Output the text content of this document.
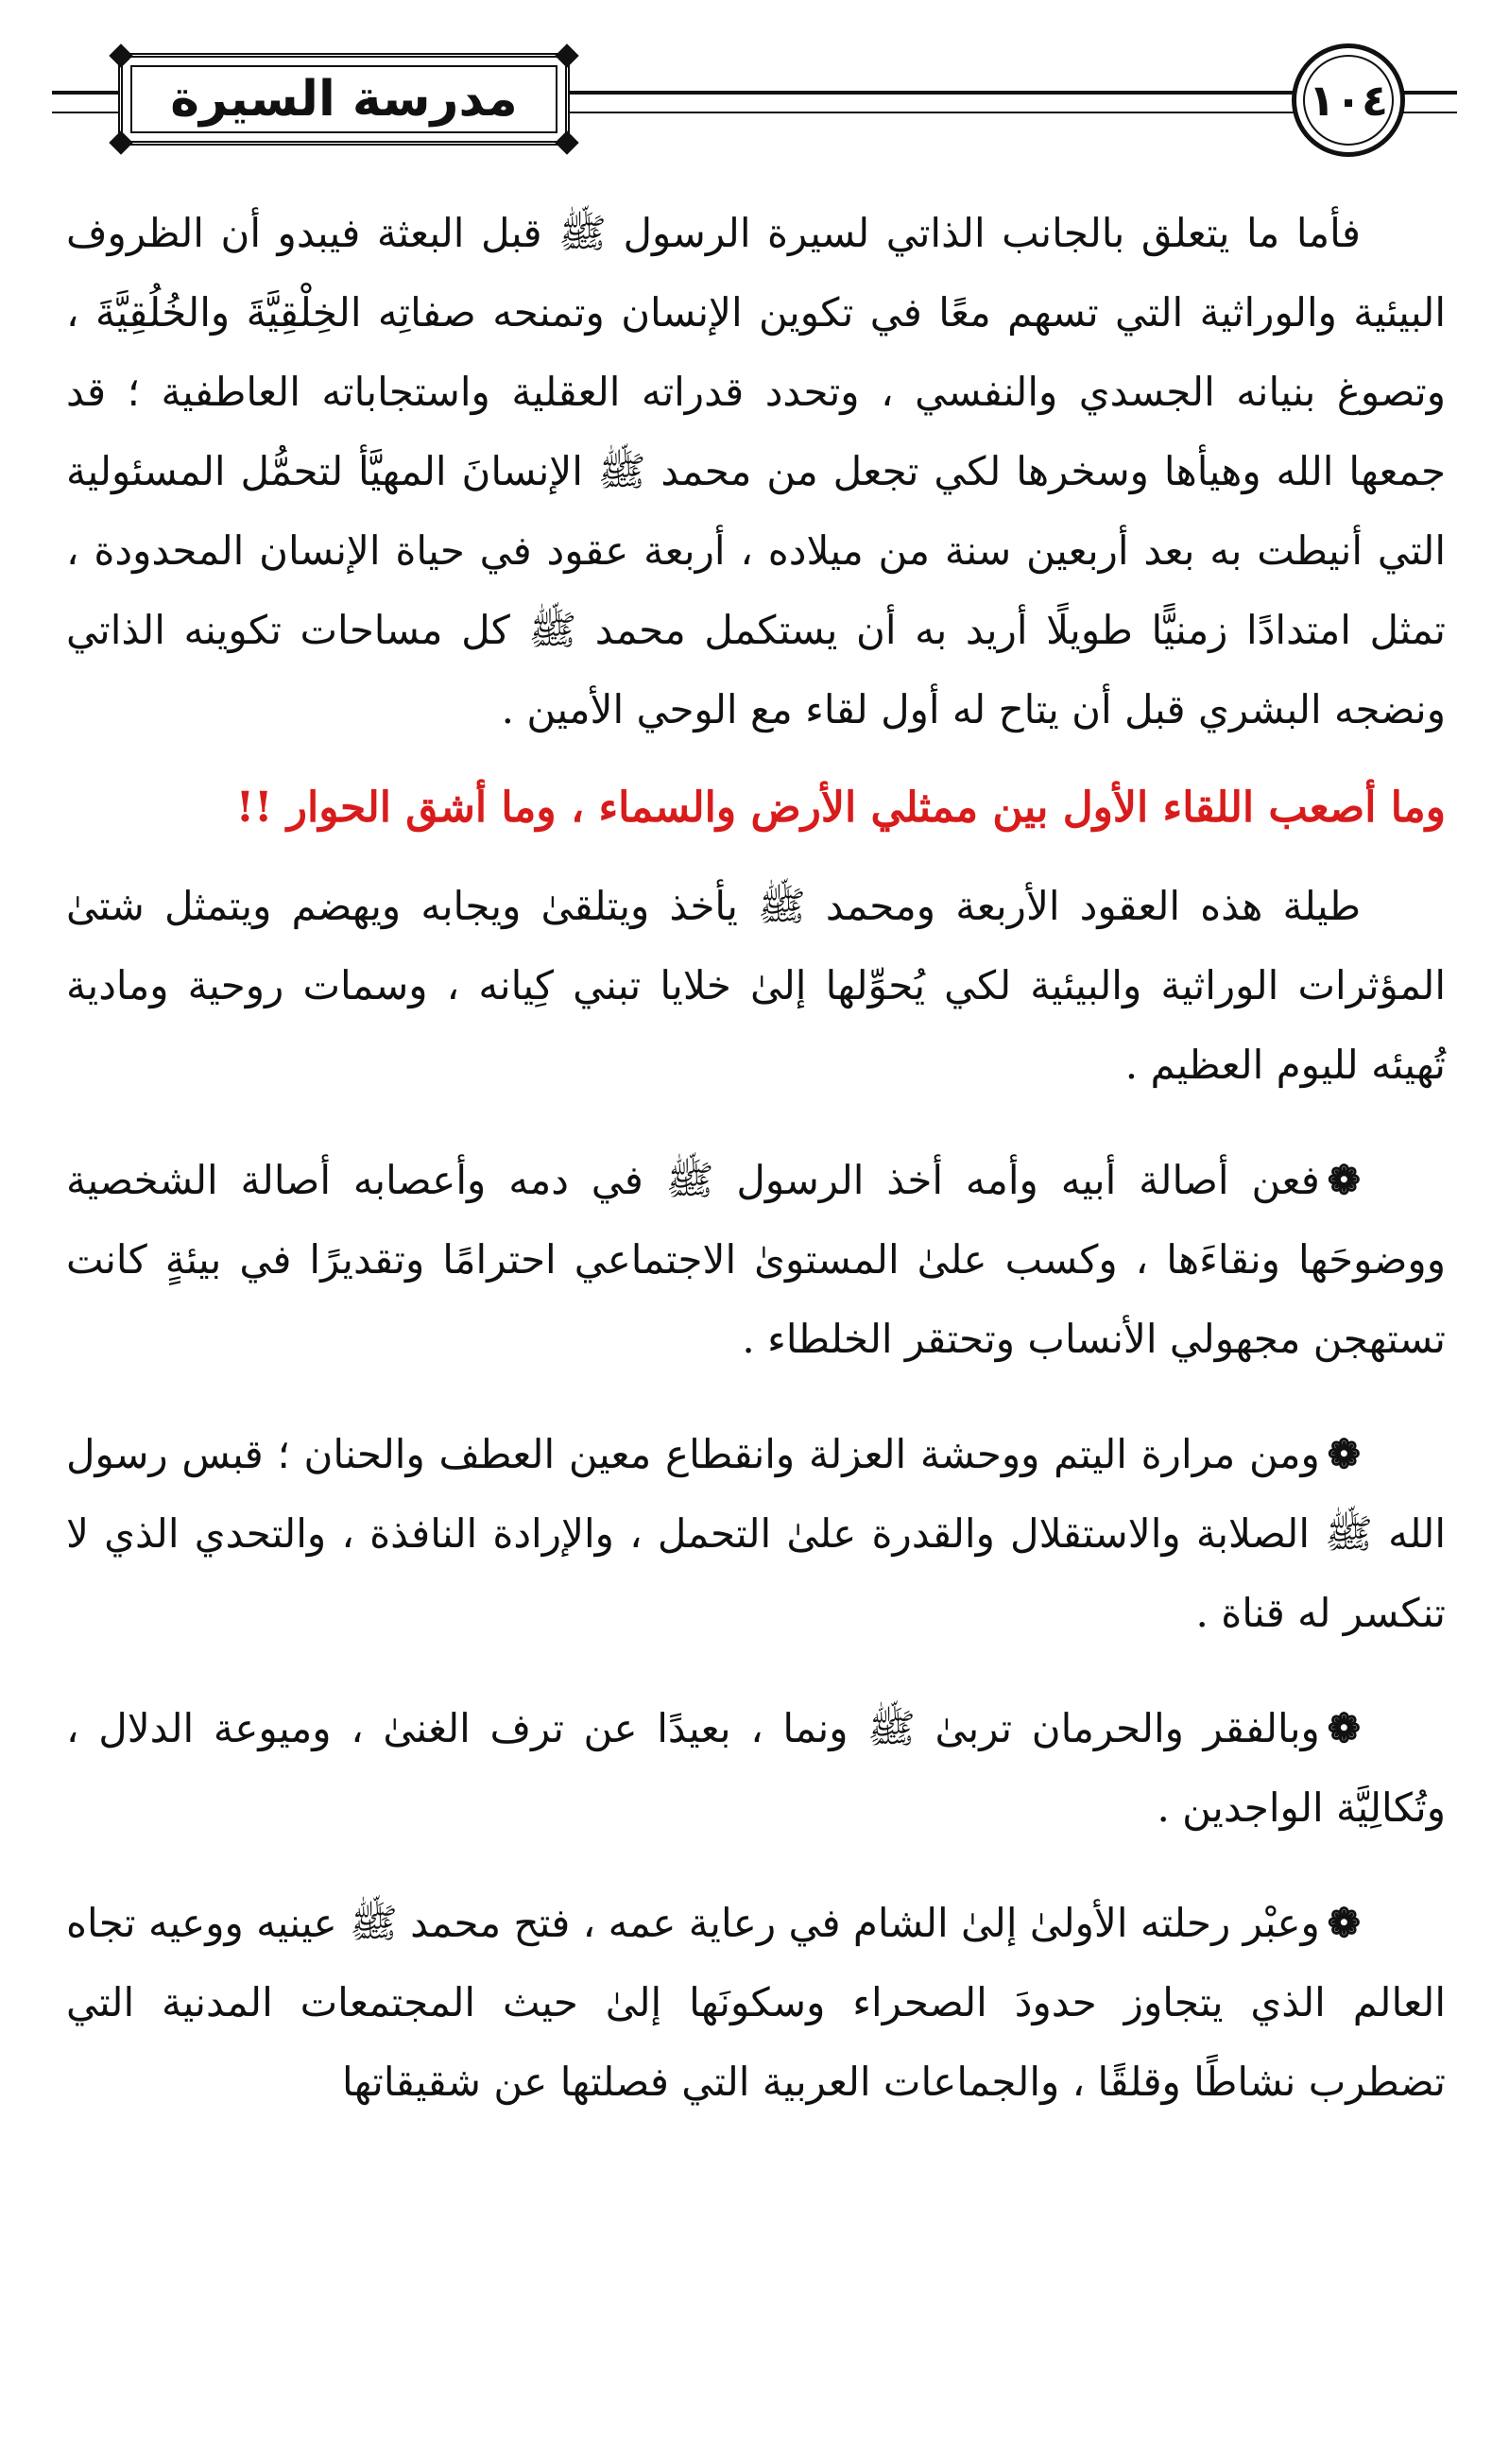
مدرسة السيرة	١٠٤

فأما ما يتعلق بالجانب الذاتي لسيرة الرسول ﷺ قبل البعثة فيبدو أن الظروف البيئية والوراثية التي تسهم معًا في تكوين الإنسان وتمنحه صفاتِه الخِلْقِيَّةَ والخُلُقِيَّةَ ، وتصوغ بنيانه الجسدي والنفسي ، وتحدد قدراته العقلية واستجاباته العاطفية ؛ قد جمعها الله وهيأها وسخرها لكي تجعل من محمد ﷺ الإنسانَ المهيَّأ لتحمُّل المسئولية التي أنيطت به بعد أربعين سنة من ميلاده ، أربعة عقود في حياة الإنسان المحدودة ، تمثل امتدادًا زمنيًّا طويلًا أريد به أن يستكمل محمد ﷺ كل مساحات تكوينه الذاتي ونضجه البشري قبل أن يتاح له أول لقاء مع الوحي الأمين .

وما أصعب اللقاء الأول بين ممثلي الأرض والسماء ، وما أشق الحوار !!

طيلة هذه العقود الأربعة ومحمد ﷺ يأخذ ويتلقىٰ ويجابه ويهضم ويتمثل شتىٰ المؤثرات الوراثية والبيئية لكي يُحوِّلها إلىٰ خلايا تبني كِيانه ، وسمات روحية ومادية تُهيئه لليوم العظيم .

❁فعن أصالة أبيه وأمه أخذ الرسول ﷺ في دمه وأعصابه أصالة الشخصية ووضوحَها ونقاءَها ، وكسب علىٰ المستوىٰ الاجتماعي احترامًا وتقديرًا في بيئةٍ كانت تستهجن مجهولي الأنساب وتحتقر الخلطاء .

❁ومن مرارة اليتم ووحشة العزلة وانقطاع معين العطف والحنان ؛ قبس رسول الله ﷺ الصلابة والاستقلال والقدرة علىٰ التحمل ، والإرادة النافذة ، والتحدي الذي لا تنكسر له قناة .

❁وبالفقر والحرمان تربىٰ ﷺ ونما ، بعيدًا عن ترف الغنىٰ ، وميوعة الدلال ، وتُكالِيَّة الواجدين .

❁وعبْر رحلته الأولىٰ إلىٰ الشام في رعاية عمه ، فتح محمد ﷺ عينيه ووعيه تجاه العالم الذي يتجاوز حدودَ الصحراء وسكونَها إلىٰ حيث المجتمعات المدنية التي تضطرب نشاطًا وقلقًا ، والجماعات العربية التي فصلتها عن شقيقاتها
